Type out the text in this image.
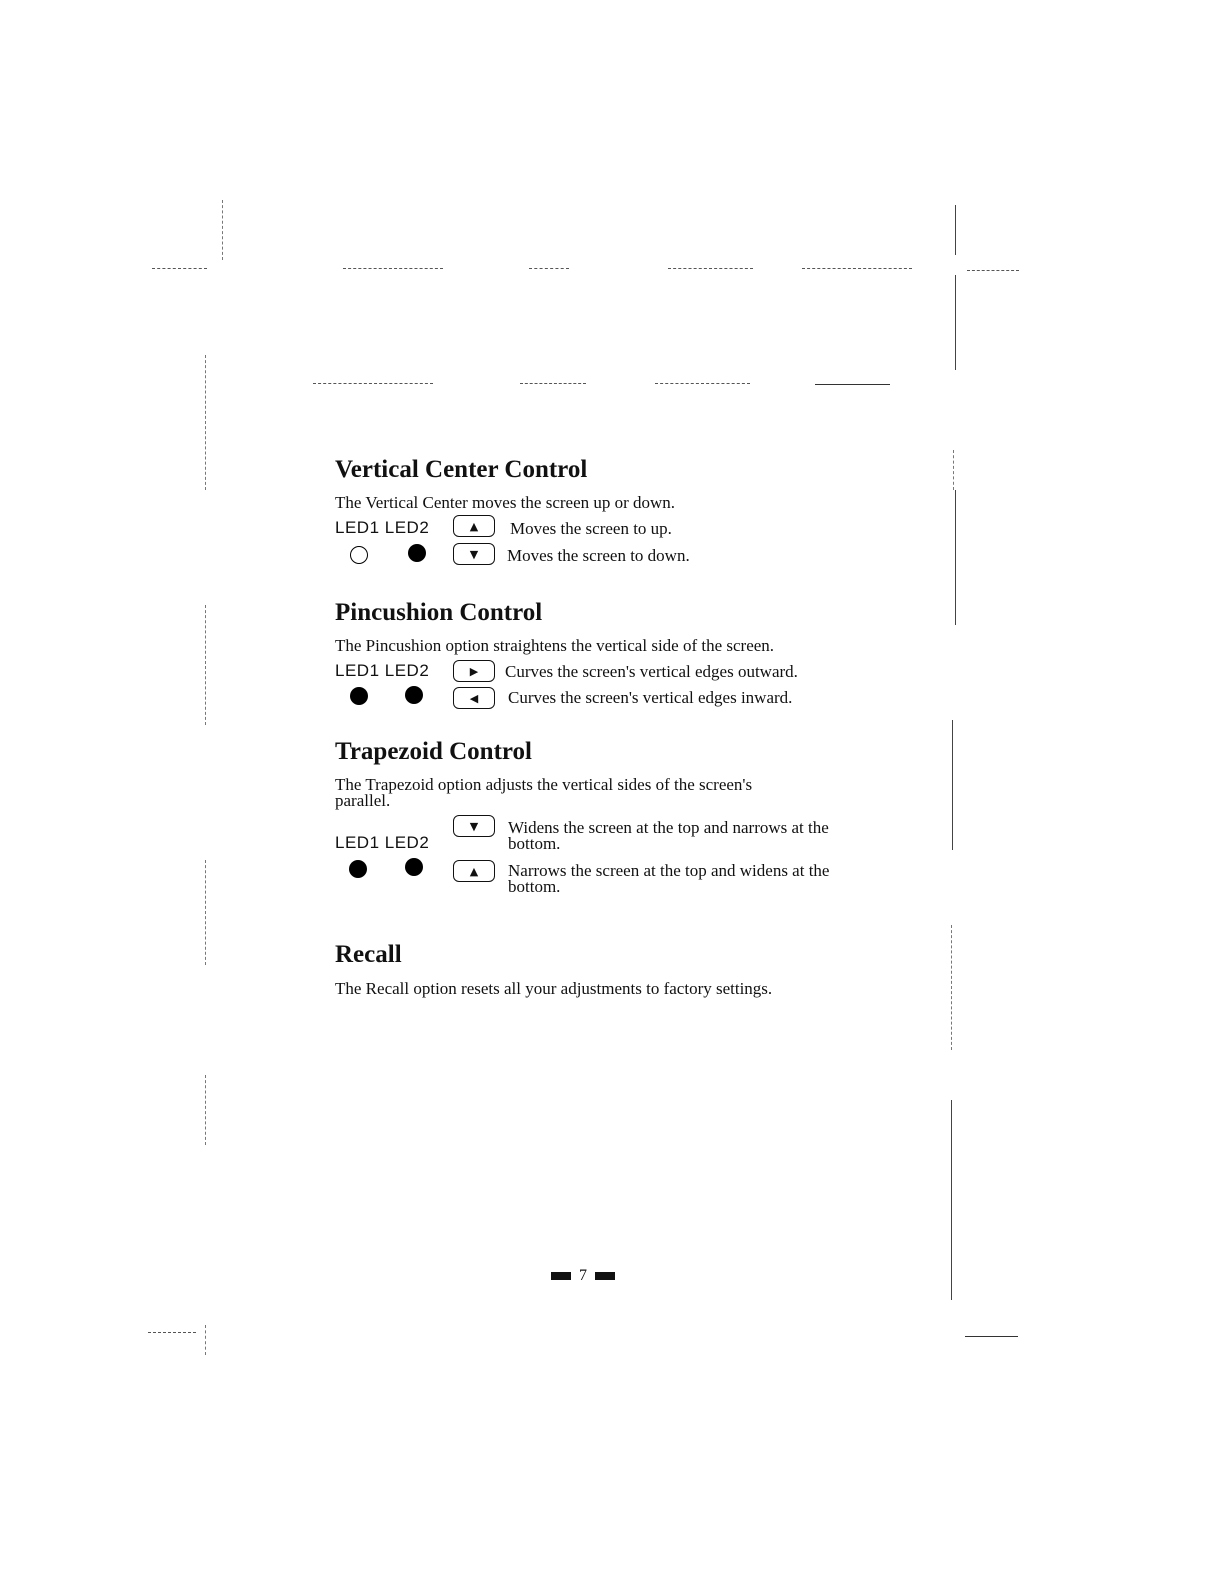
Vertical Center Control
The Vertical Center moves the screen up or down.
LED1 LED2	▲ Moves the screen to up.
▼ Moves the screen to down.
Pincushion Control
The Pincushion option straightens the vertical side of the screen.
LED1 LED2	▶ Curves the screen's vertical edges outward.
◀ Curves the screen's vertical edges inward.
Trapezoid Control
The Trapezoid option adjusts the vertical sides of the screen's
parallel.
▼ Widens the screen at the top and narrows at the bottom.
LED1 LED2
▲ Narrows the screen at the top and widens at the bottom.
Recall
The Recall option resets all your adjustments to factory settings.
7
